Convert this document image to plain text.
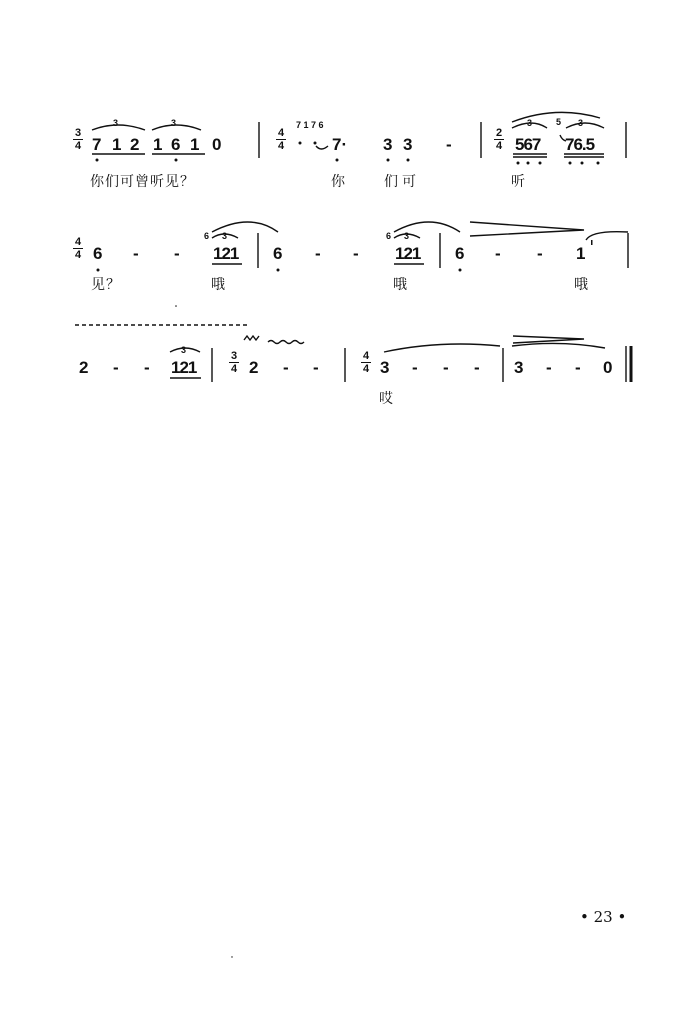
3
4
3	3
7 1 2 1 6 1 0
4
4
7 1 7 6
7· 3 3 -
2
4
3	5 3
567 76.5
你们可曾听见？	你	们可	听
4
4 6 - -
6 3
121 6 - -
6 3
121 6 - - 1
见？	哦	哦	哦
2 - -
3
121
3
4 2 - -
4
4 3 - - - 3 - - 0
哎
• 23 •
